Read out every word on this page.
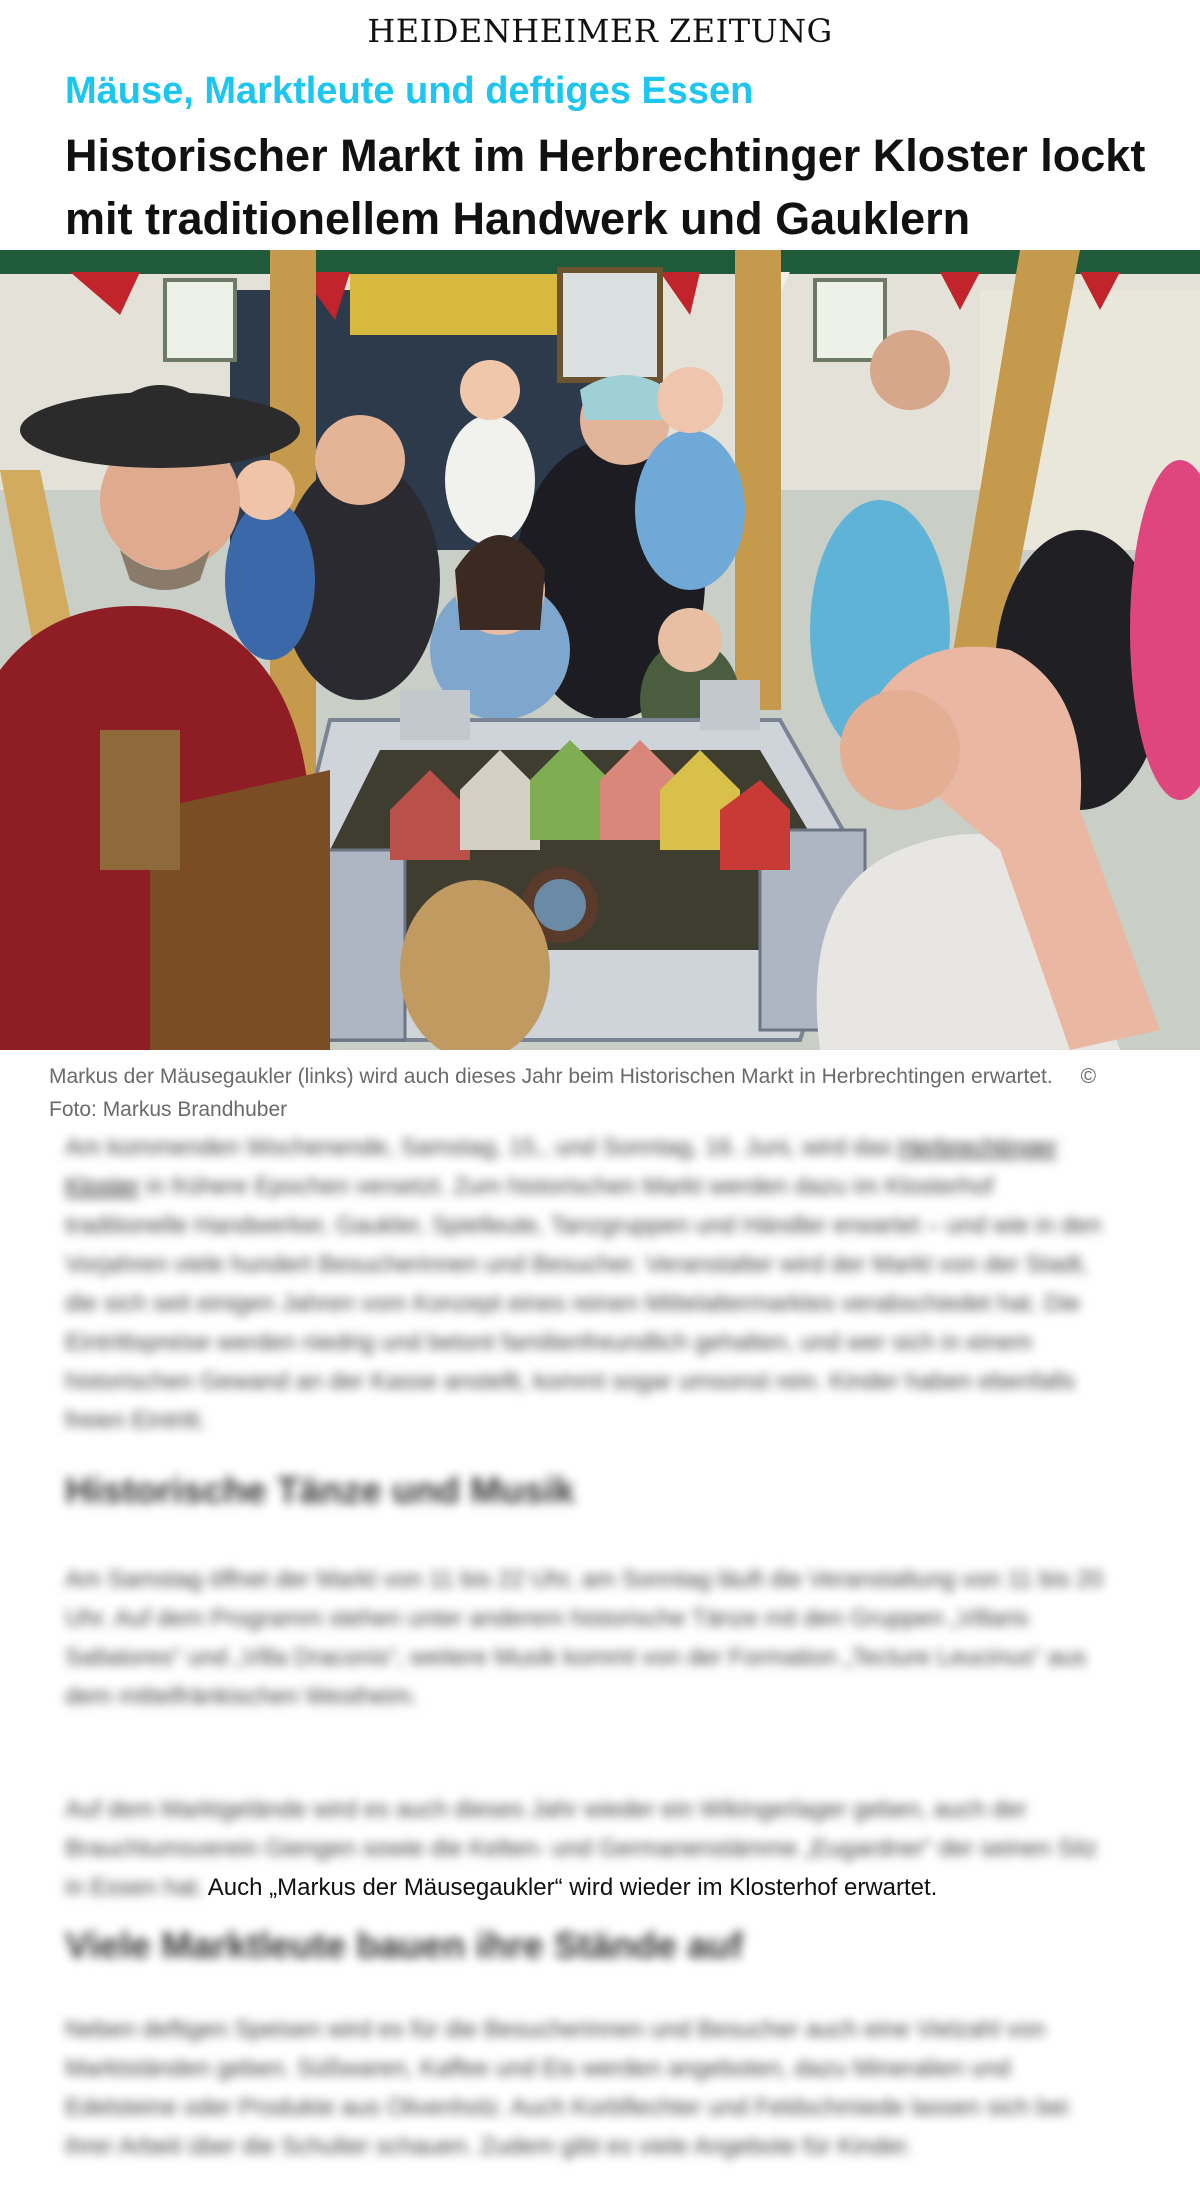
HEIDENHEIMER ZEITUNG
Mäuse, Marktleute und deftiges Essen
Historischer Markt im Herbrechtinger Kloster lockt mit traditionellem Handwerk und Gauklern
Markus der Mäusegaukler (links) wird auch dieses Jahr beim Historischen Markt in Herbrechtingen erwartet. © Foto: Markus Brandhuber
Am kommenden Wochenende, Samstag, 15., und Sonntag, 16. Juni, wird das Herbrechtinger Kloster in frühere Epochen versetzt. Zum historischen Markt werden dazu im Klosterhof traditionelle Handwerker, Gaukler, Spielleute, Tanzgruppen und Händler erwartet – und wie in den Vorjahren viele hundert Besucherinnen und Besucher. Veranstalter wird der Markt von der Stadt, die sich seit einigen Jahren vom Konzept eines reinen Mittelaltermarktes verabschiedet hat. Die Eintrittspreise werden niedrig und betont familienfreundlich gehalten, und wer sich in einem historischen Gewand an der Kasse anstellt, kommt sogar umsonst rein. Kinder haben ebenfalls freien Eintritt.
Historische Tänze und Musik
Am Samstag öffnet der Markt von 11 bis 22 Uhr, am Sonntag läuft die Veranstaltung von 11 bis 20 Uhr. Auf dem Programm stehen unter anderem historische Tänze mit den Gruppen „Villaris Saltatores“ und „Villa Draconis“, weitere Musik kommt von der Formation „Tecture Leucinus“ aus dem mittelfränkischen Westheim.
Auf dem Marktgelände wird es auch dieses Jahr wieder ein Wikingerlager geben, auch der Brauchtumsverein Giengen sowie die Kelten- und Germanenstämme „Eugardner“ der seinen Sitz in Essen hat. Auch „Markus der Mäusegaukler“ wird wieder im Klosterhof erwartet.
Viele Marktleute bauen ihre Stände auf
Neben deftigen Speisen wird es für die Besucherinnen und Besucher auch eine Vielzahl von Marktständen geben. Süßwaren, Kaffee und Eis werden angeboten, dazu Mineralien und Edelsteine oder Produkte aus Olivenholz. Auch Korbflechter und Feldschmiede lassen sich bei ihrer Arbeit über die Schulter schauen. Zudem gibt es viele Angebote für Kinder.
